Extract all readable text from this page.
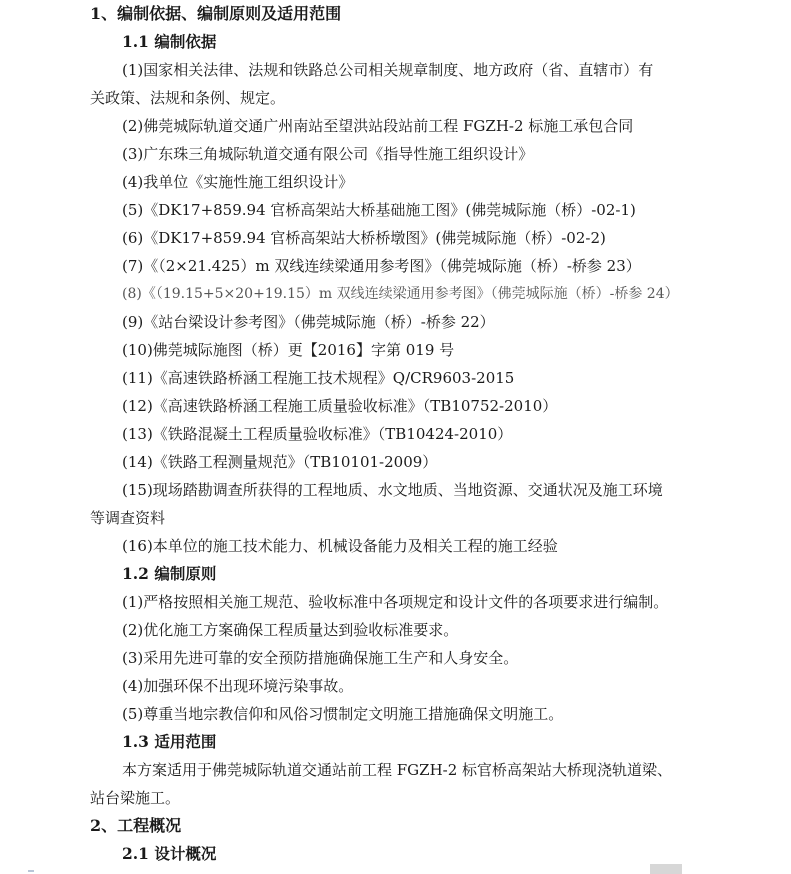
1、编制依据、编制原则及适用范围
1.1 编制依据
(1)国家相关法律、法规和铁路总公司相关规章制度、地方政府（省、直辖市）有
关政策、法规和条例、规定。
(2)佛莞城际轨道交通广州南站至望洪站段站前工程 FGZH-2 标施工承包合同
(3)广东珠三角城际轨道交通有限公司《指导性施工组织设计》
(4)我单位《实施性施工组织设计》
(5)《DK17+859.94 官桥高架站大桥基础施工图》(佛莞城际施（桥）-02-1)
(6)《DK17+859.94 官桥高架站大桥桥墩图》(佛莞城际施（桥）-02-2)
(7)《（2×21.425）m 双线连续梁通用参考图》（佛莞城际施（桥）-桥参 23）
(8)《（19.15+5×20+19.15）m 双线连续梁通用参考图》（佛莞城际施（桥）-桥参 24）
(9)《站台梁设计参考图》（佛莞城际施（桥）-桥参 22）
(10)佛莞城际施图（桥）更【2016】字第 019 号
(11)《高速铁路桥涵工程施工技术规程》Q/CR9603-2015
(12)《高速铁路桥涵工程施工质量验收标准》（TB10752-2010）
(13)《铁路混凝土工程质量验收标准》（TB10424-2010）
(14)《铁路工程测量规范》（TB10101-2009）
(15)现场踏勘调查所获得的工程地质、水文地质、当地资源、交通状况及施工环境
等调查资料
(16)本单位的施工技术能力、机械设备能力及相关工程的施工经验
1.2 编制原则
(1)严格按照相关施工规范、验收标准中各项规定和设计文件的各项要求进行编制。
(2)优化施工方案确保工程质量达到验收标准要求。
(3)采用先进可靠的安全预防措施确保施工生产和人身安全。
(4)加强环保不出现环境污染事故。
(5)尊重当地宗教信仰和风俗习惯制定文明施工措施确保文明施工。
1.3 适用范围
本方案适用于佛莞城际轨道交通站前工程 FGZH-2 标官桥高架站大桥现浇轨道梁、
站台梁施工。
2、工程概况
2.1 设计概况
